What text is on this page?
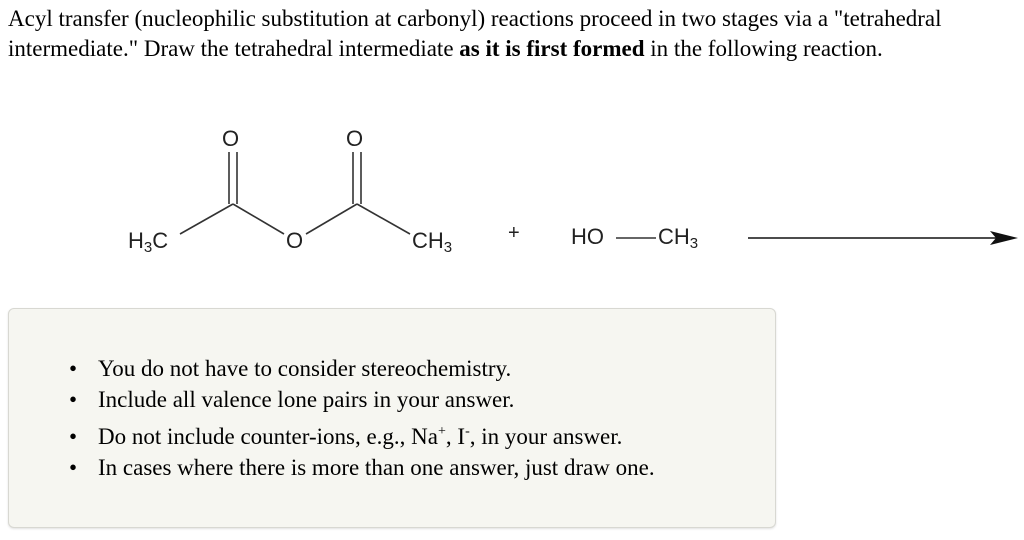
Acyl transfer (nucleophilic substitution at carbonyl) reactions proceed in two stages via a "tetrahedral intermediate." Draw the tetrahedral intermediate as it is first formed in the following reaction.
O	O
O
$H_3C$	$CH_3$
+ HO $CH_3$
• You do not have to consider stereochemistry.
• Include all valence lone pairs in your answer.
• Do not include counter-ions, e.g., Na+, I-, in your answer.
• In cases where there is more than one answer, just draw one.
